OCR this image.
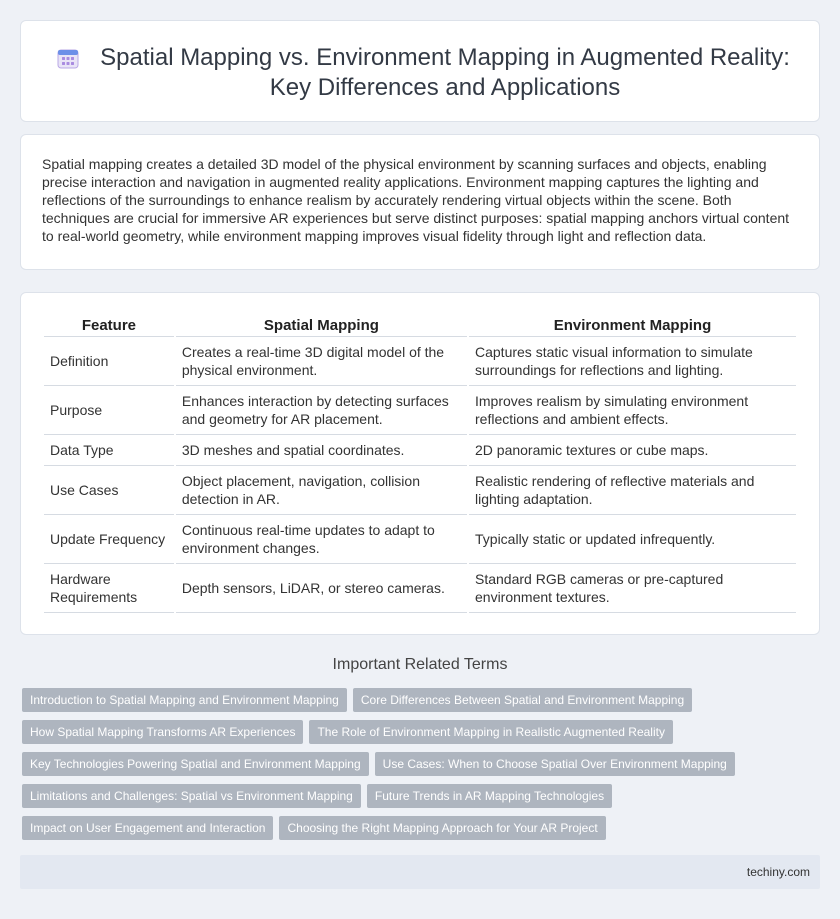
Spatial Mapping vs. Environment Mapping in Augmented Reality: Key Differences and Applications

Spatial mapping creates a detailed 3D model of the physical environment by scanning surfaces and objects, enabling precise interaction and navigation in augmented reality applications. Environment mapping captures the lighting and reflections of the surroundings to enhance realism by accurately rendering virtual objects within the scene. Both techniques are crucial for immersive AR experiences but serve distinct purposes: spatial mapping anchors virtual content to real-world geometry, while environment mapping improves visual fidelity through light and reflection data.

Feature	Spatial Mapping	Environment Mapping
Definition	Creates a real-time 3D digital model of the physical environment.	Captures static visual information to simulate surroundings for reflections and lighting.
Purpose	Enhances interaction by detecting surfaces and geometry for AR placement.	Improves realism by simulating environment reflections and ambient effects.
Data Type	3D meshes and spatial coordinates.	2D panoramic textures or cube maps.
Use Cases	Object placement, navigation, collision detection in AR.	Realistic rendering of reflective materials and lighting adaptation.
Update Frequency	Continuous real-time updates to adapt to environment changes.	Typically static or updated infrequently.
Hardware Requirements	Depth sensors, LiDAR, or stereo cameras.	Standard RGB cameras or pre-captured environment textures.
Important Related Terms
Introduction to Spatial Mapping and Environment Mapping	Core Differences Between Spatial and Environment Mapping
How Spatial Mapping Transforms AR Experiences	The Role of Environment Mapping in Realistic Augmented Reality
Key Technologies Powering Spatial and Environment Mapping	Use Cases: When to Choose Spatial Over Environment Mapping
Limitations and Challenges: Spatial vs Environment Mapping	Future Trends in AR Mapping Technologies
Impact on User Engagement and Interaction	Choosing the Right Mapping Approach for Your AR Project
techiny.com
